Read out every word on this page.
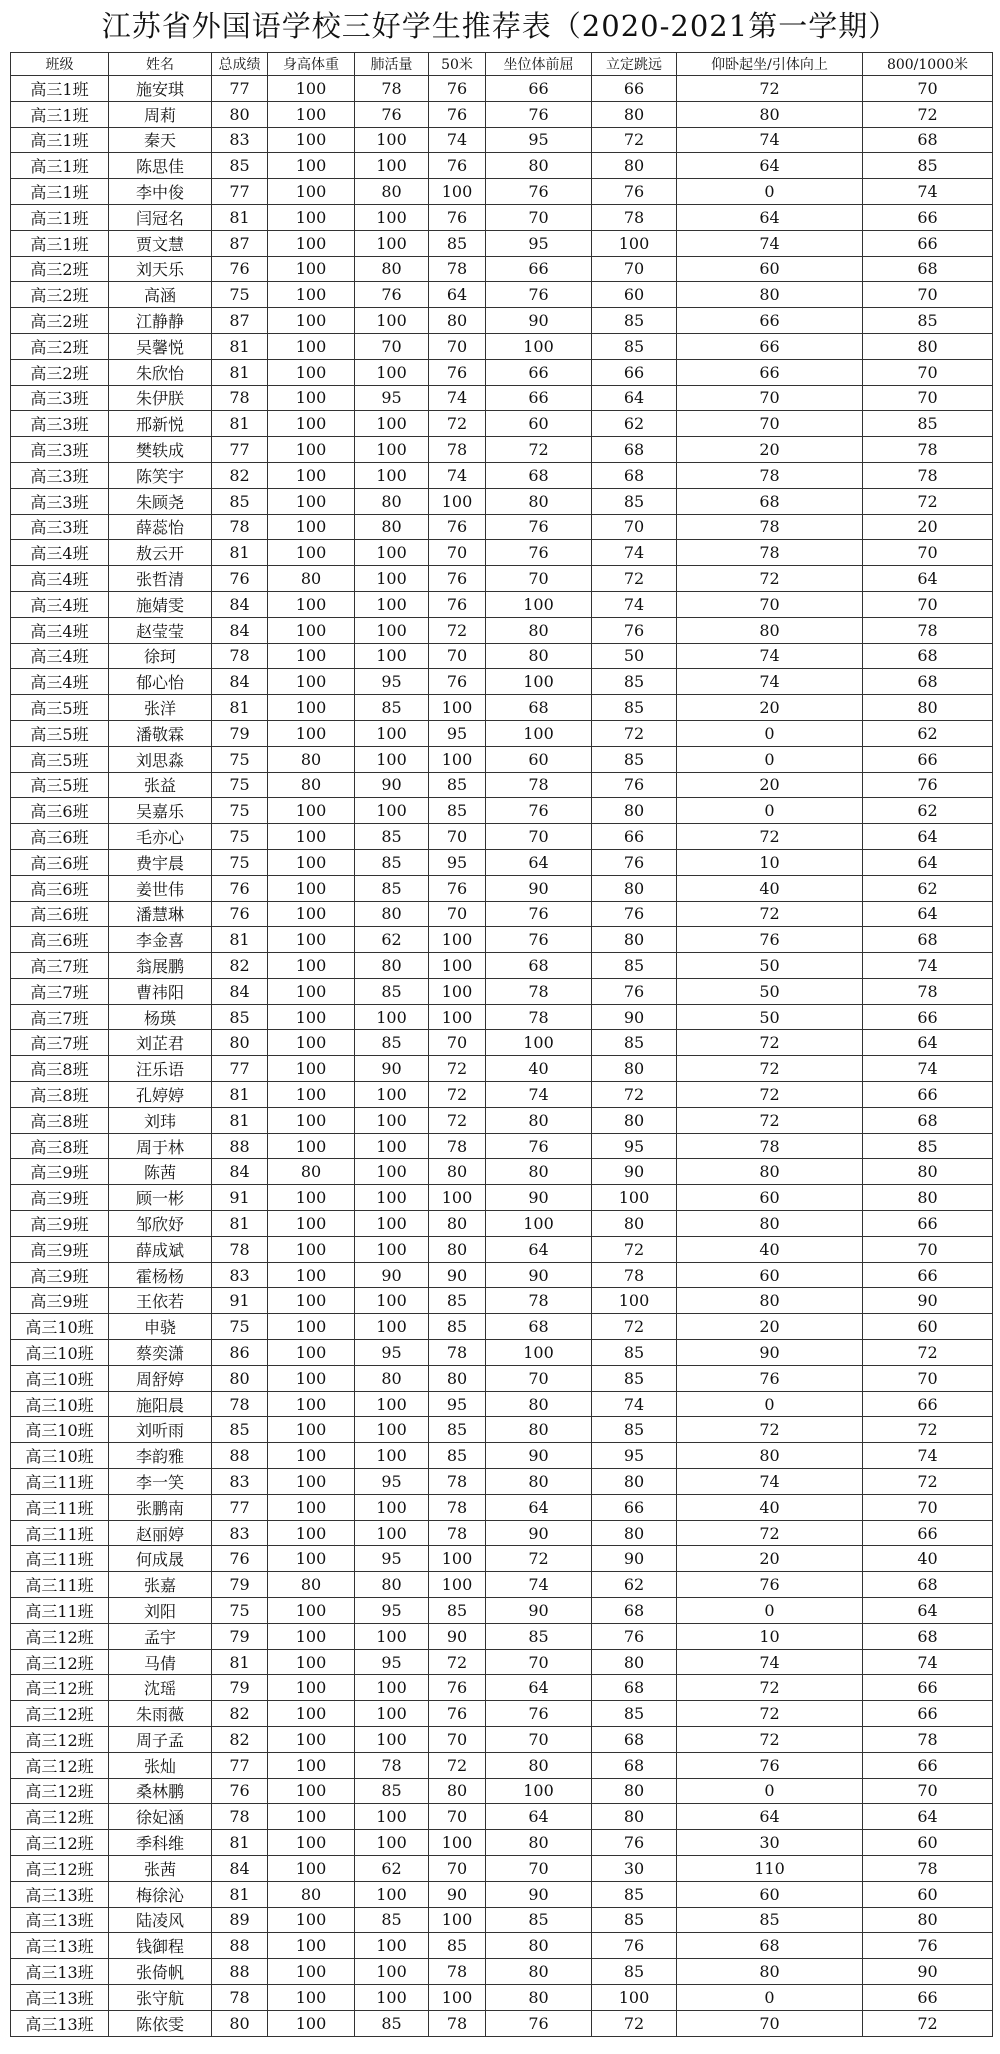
江苏省外国语学校三好学生推荐表（2020-2021第一学期）
班级	姓名	总成绩	身高体重	肺活量	50米	坐位体前屈	立定跳远	仰卧起坐/引体向上	800/1000米
高三1班	施安琪	77	100	78	76	66	66	72	70
高三1班	周莉	80	100	76	76	76	80	80	72
高三1班	秦天	83	100	100	74	95	72	74	68
高三1班	陈思佳	85	100	100	76	80	80	64	85
高三1班	李中俊	77	100	80	100	76	76	0	74
高三1班	闫冠名	81	100	100	76	70	78	64	66
高三1班	贾文慧	87	100	100	85	95	100	74	66
高三2班	刘天乐	76	100	80	78	66	70	60	68
高三2班	高涵	75	100	76	64	76	60	80	70
高三2班	江静静	87	100	100	80	90	85	66	85
高三2班	吴馨悦	81	100	70	70	100	85	66	80
高三2班	朱欣怡	81	100	100	76	66	66	66	70
高三3班	朱伊朕	78	100	95	74	66	64	70	70
高三3班	邢新悦	81	100	100	72	60	62	70	85
高三3班	樊轶成	77	100	100	78	72	68	20	78
高三3班	陈笑宇	82	100	100	74	68	68	78	78
高三3班	朱顾尧	85	100	80	100	80	85	68	72
高三3班	薛蕊怡	78	100	80	76	76	70	78	20
高三4班	敖云开	81	100	100	70	76	74	78	70
高三4班	张哲清	76	80	100	76	70	72	72	64
高三4班	施婧雯	84	100	100	76	100	74	70	70
高三4班	赵莹莹	84	100	100	72	80	76	80	78
高三4班	徐珂	78	100	100	70	80	50	74	68
高三4班	郁心怡	84	100	95	76	100	85	74	68
高三5班	张洋	81	100	85	100	68	85	20	80
高三5班	潘敬霖	79	100	100	95	100	72	0	62
高三5班	刘思淼	75	80	100	100	60	85	0	66
高三5班	张益	75	80	90	85	78	76	20	76
高三6班	吴嘉乐	75	100	100	85	76	80	0	62
高三6班	毛亦心	75	100	85	70	70	66	72	64
高三6班	费宇晨	75	100	85	95	64	76	10	64
高三6班	姜世伟	76	100	85	76	90	80	40	62
高三6班	潘慧琳	76	100	80	70	76	76	72	64
高三6班	李金喜	81	100	62	100	76	80	76	68
高三7班	翁展鹏	82	100	80	100	68	85	50	74
高三7班	曹祎阳	84	100	85	100	78	76	50	78
高三7班	杨瑛	85	100	100	100	78	90	50	66
高三7班	刘芷君	80	100	85	70	100	85	72	64
高三8班	汪乐语	77	100	90	72	40	80	72	74
高三8班	孔婷婷	81	100	100	72	74	72	72	66
高三8班	刘玮	81	100	100	72	80	80	72	68
高三8班	周于林	88	100	100	78	76	95	78	85
高三9班	陈茜	84	80	100	80	80	90	80	80
高三9班	顾一彬	91	100	100	100	90	100	60	80
高三9班	邹欣妤	81	100	100	80	100	80	80	66
高三9班	薛成斌	78	100	100	80	64	72	40	70
高三9班	霍杨杨	83	100	90	90	90	78	60	66
高三9班	王依若	91	100	100	85	78	100	80	90
高三10班	申骁	75	100	100	85	68	72	20	60
高三10班	蔡奕潇	86	100	95	78	100	85	90	72
高三10班	周舒婷	80	100	80	80	70	85	76	70
高三10班	施阳晨	78	100	100	95	80	74	0	66
高三10班	刘听雨	85	100	100	85	80	85	72	72
高三10班	李韵雅	88	100	100	85	90	95	80	74
高三11班	李一笑	83	100	95	78	80	80	74	72
高三11班	张鹏南	77	100	100	78	64	66	40	70
高三11班	赵丽婷	83	100	100	78	90	80	72	66
高三11班	何成晟	76	100	95	100	72	90	20	40
高三11班	张嘉	79	80	80	100	74	62	76	68
高三11班	刘阳	75	100	95	85	90	68	0	64
高三12班	孟宇	79	100	100	90	85	76	10	68
高三12班	马倩	81	100	95	72	70	80	74	74
高三12班	沈瑶	79	100	100	76	64	68	72	66
高三12班	朱雨薇	82	100	100	76	76	85	72	66
高三12班	周子孟	82	100	100	70	70	68	72	78
高三12班	张灿	77	100	78	72	80	68	76	66
高三12班	桑林鹏	76	100	85	80	100	80	0	70
高三12班	徐妃涵	78	100	100	70	64	80	64	64
高三12班	季科维	81	100	100	100	80	76	30	60
高三12班	张茜	84	100	62	70	70	30	110	78
高三13班	梅徐沁	81	80	100	90	90	85	60	60
高三13班	陆凌风	89	100	85	100	85	85	85	80
高三13班	钱御程	88	100	100	85	80	76	68	76
高三13班	张倚帆	88	100	100	78	80	85	80	90
高三13班	张守航	78	100	100	100	80	100	0	66
高三13班	陈依雯	80	100	85	78	76	72	70	72
